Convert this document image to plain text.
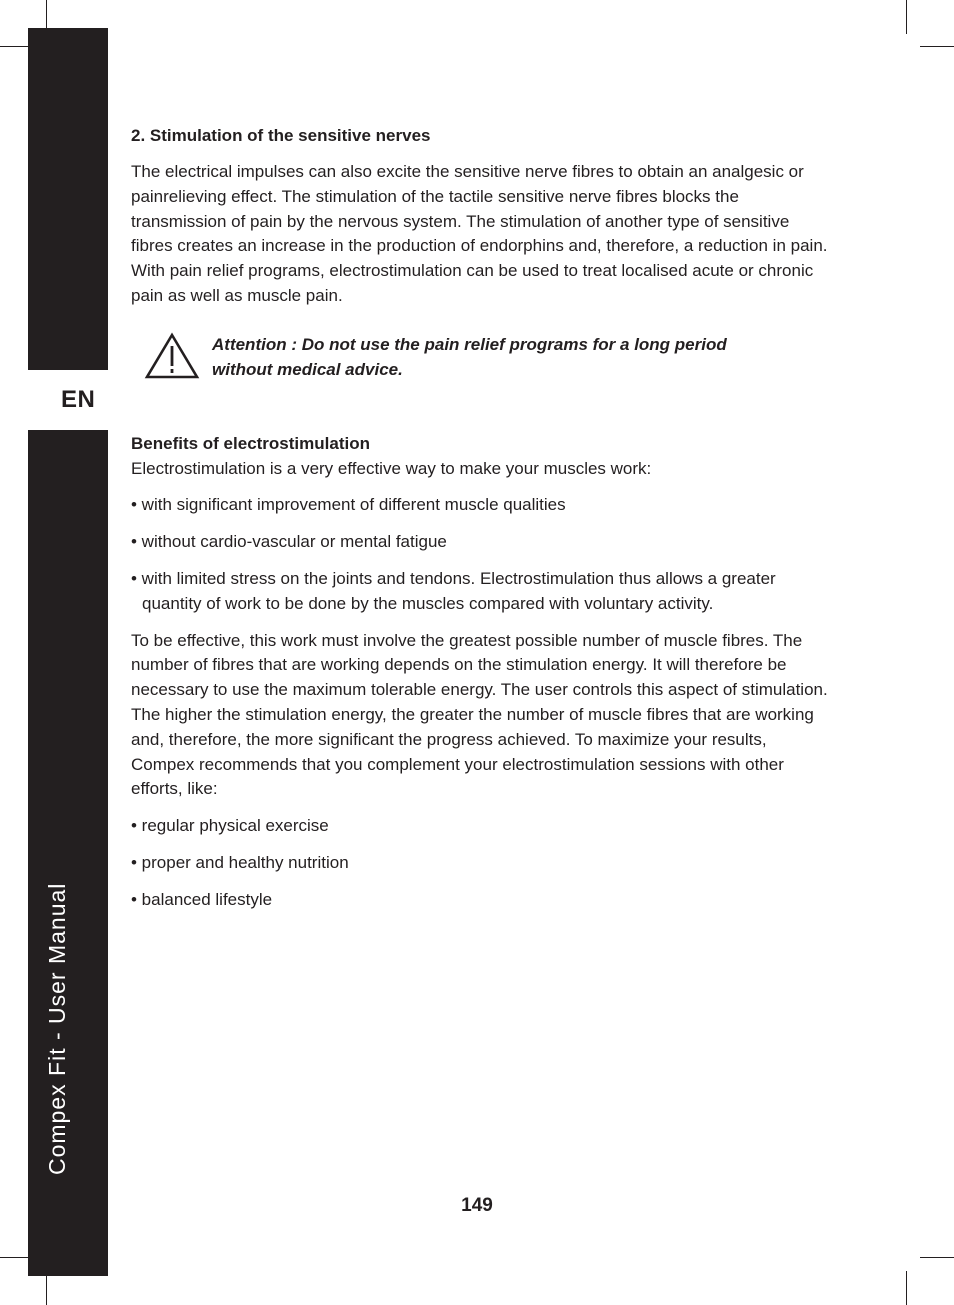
EN
Compex Fit - User Manual
2. Stimulation of the sensitive nerves

The electrical impulses can also excite the sensitive nerve fibres to obtain an analgesic or painrelieving effect. The stimulation of the tactile sensitive nerve fibres blocks the transmission of pain by the nervous system. The stimulation of another type of sensitive fibres creates an increase in the production of endorphins and, therefore, a reduction in pain. With pain relief programs, electrostimulation can be used to treat localised acute or chronic pain as well as muscle pain.

Attention : Do not use the pain relief programs for a long period without medical advice.
Benefits of electrostimulation

Electrostimulation is a very effective way to make your muscles work:

• with significant improvement of different muscle qualities

• without cardio-vascular or mental fatigue

• with limited stress on the joints and tendons. Electrostimulation thus allows a greater quantity of work to be done by the muscles compared with voluntary activity.

To be effective, this work must involve the greatest possible number of muscle fibres. The number of fibres that are working depends on the stimulation energy. It will therefore be necessary to use the maximum tolerable energy. The user controls this aspect of stimulation. The higher the stimulation energy, the greater the number of muscle fibres that are working and, therefore, the more significant the progress achieved. To maximize your results, Compex recommends that you complement your electrostimulation sessions with other efforts, like:

• regular physical exercise

• proper and healthy nutrition

• balanced lifestyle

149
